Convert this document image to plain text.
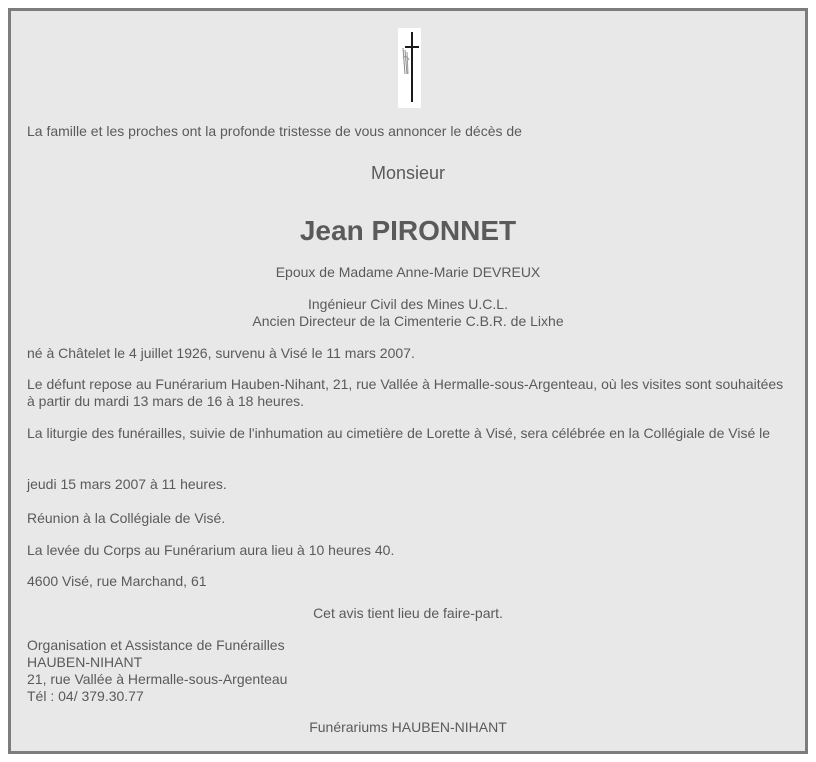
La famille et les proches ont la profonde tristesse de vous annoncer le décès de
Monsieur
Jean PIRONNET
Epoux de Madame Anne-Marie DEVREUX
Ingénieur Civil des Mines U.C.L.
Ancien Directeur de la Cimenterie C.B.R. de Lixhe
né à Châtelet le 4 juillet 1926, survenu à Visé le 11 mars 2007.
Le défunt repose au Funérarium Hauben-Nihant, 21, rue Vallée à Hermalle-sous-Argenteau, où les visites sont souhaitées à partir du mardi 13 mars de 16 à 18 heures.
La liturgie des funérailles, suivie de l'inhumation au cimetière de Lorette à Visé, sera célébrée en la Collégiale de Visé le
jeudi 15 mars 2007 à 11 heures.
Réunion à la Collégiale de Visé.
La levée du Corps au Funérarium aura lieu à 10 heures 40.
4600 Visé, rue Marchand, 61
Cet avis tient lieu de faire-part.
Organisation et Assistance de Funérailles
HAUBEN-NIHANT
21, rue Vallée à Hermalle-sous-Argenteau
Tél : 04/ 379.30.77
Funérariums HAUBEN-NIHANT
